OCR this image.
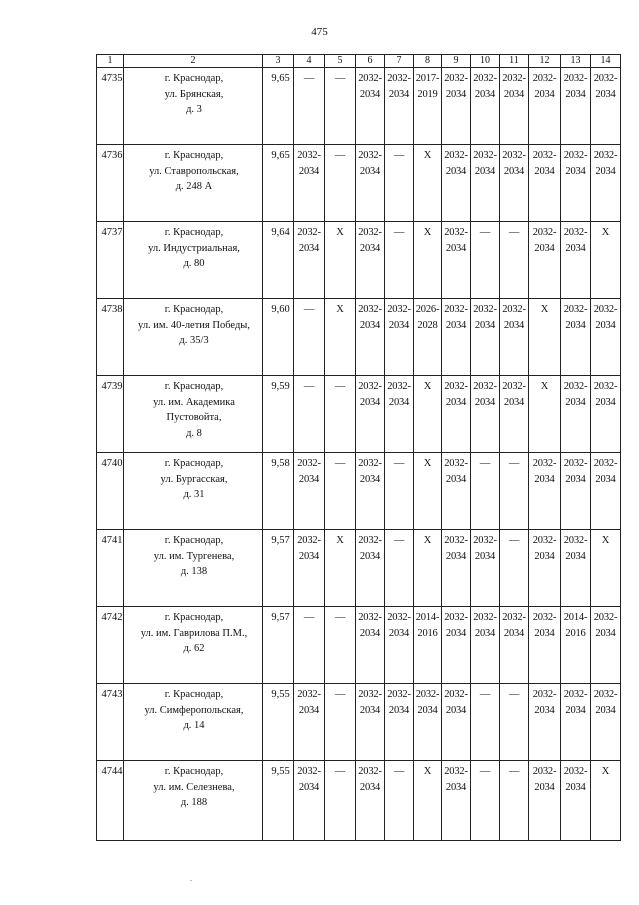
475
1	2	3	4	5	6	7	8	9	10	11	12	13	14
4735	г. Краснодар,
ул. Брянская,
д. 3	9,65	—	—	2032-
2034	2032-
2034	2017-
2019	2032-
2034	2032-
2034	2032-
2034	2032-
2034	2032-
2034	2032-
2034

4736	г. Краснодар,
ул. Ставропольская,
д. 248 А	9,65	2032-
2034	—	2032-
2034	—	X	2032-
2034	2032-
2034	2032-
2034	2032-
2034	2032-
2034	2032-
2034

4737	г. Краснодар,
ул. Индустриальная,
д. 80	9,64	2032-
2034	X	2032-
2034	—	X	2032-
2034	—	—	2032-
2034	2032-
2034	X

4738	г. Краснодар,
ул. им. 40-летия Победы,
д. 35/3	9,60	—	X	2032-
2034	2032-
2034	2026-
2028	2032-
2034	2032-
2034	2032-
2034	X	2032-
2034	2032-
2034

4739	г. Краснодар,
ул. им. Академика
Пустовойта,
д. 8	9,59	—	—	2032-
2034	2032-
2034	X	2032-
2034	2032-
2034	2032-
2034	X	2032-
2034	2032-
2034

4740	г. Краснодар,
ул. Бургасская,
д. 31	9,58	2032-
2034	—	2032-
2034	—	X	2032-
2034	—	—	2032-
2034	2032-
2034	2032-
2034

4741	г. Краснодар,
ул. им. Тургенева,
д. 138	9,57	2032-
2034	X	2032-
2034	—	X	2032-
2034	2032-
2034	—	2032-
2034	2032-
2034	X

4742	г. Краснодар,
ул. им. Гаврилова П.М.,
д. 62	9,57	—	—	2032-
2034	2032-
2034	2014-
2016	2032-
2034	2032-
2034	2032-
2034	2032-
2034	2014-
2016	2032-
2034

4743	г. Краснодар,
ул. Симферопольская,
д. 14	9,55	2032-
2034	—	2032-
2034	2032-
2034	2032-
2034	2032-
2034	—	—	2032-
2034	2032-
2034	2032-
2034

4744	г. Краснодар,
ул. им. Селезнева,
д. 188	9,55	2032-
2034	—	2032-
2034	—	X	2032-
2034	—	—	2032-
2034	2032-
2034	X
